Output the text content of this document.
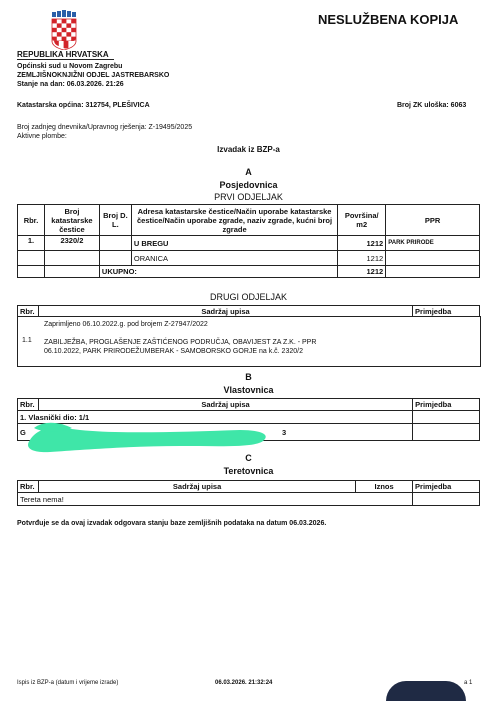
NESLUŽBENA KOPIJA
REPUBLIKA HRVATSKA
Općinski sud u Novom Zagrebu
ZEMLJIŠNOKNJIŽNI ODJEL JASTREBARSKO
Stanje na dan: 06.03.2026. 21:26
Katastarska općina: 312754, PLEŠIVICA	Broj ZK uloška: 6063
Broj zadnjeg dnevnika/Upravnog rješenja: Z-19495/2025
Aktivne plombe:
Izvadak iz BZP-a
A
Posjedovnica
PRVI ODJELJAK
Rbr.	Broj katastarske čestice	Broj D. L.	Adresa katastarske čestice/Način uporabe katastarske čestice/Način uporabe zgrade, naziv zgrade, kućni broj zgrade	Površina/ m2	PPR
1.	2320/2		U BREGU	1212	PARK PRIRODE
			ORANICA	1212	
		UKUPNO:		1212	
DRUGI ODJELJAK
Rbr.	Sadržaj upisa	Primjedba
1.1
Zaprimljeno 06.10.2022.g. pod brojem Z-27947/2022
ZABILJEŽBA, PROGLAŠENJE ZAŠTIĆENOG PODRUČJA, OBAVIJEST ZA Z.K. - PPR
06.10.2022, PARK PRIRODEŽUMBERAK - SAMOBORSKO GORJE na k.č. 2320/2
B
Vlastovnica
Rbr.	Sadržaj upisa	Primjedba
1. Vlasnički dio: 1/1		
G 3		
C
Teretovnica
Rbr.	Sadržaj upisa	Iznos	Primjedba
Tereta nema!			
Potvrđuje se da ovaj izvadak odgovara stanju baze zemljišnih podataka na datum 06.03.2026.
Ispis iz BZP-a (datum i vrijeme izrade)	06.03.2026. 21:32:24	a 1
